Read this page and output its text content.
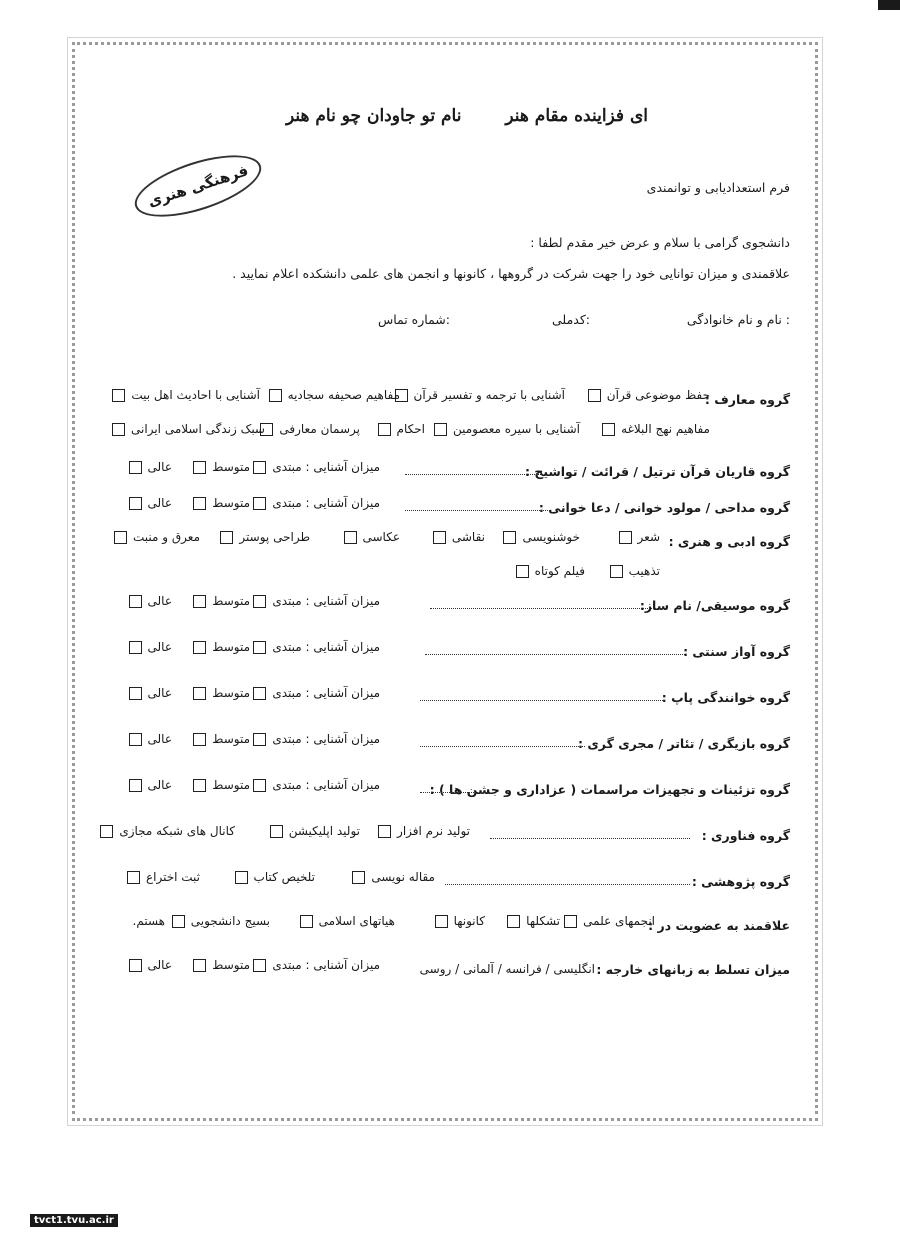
ای فزاینده مقام هنر
نام تو جاودان چو نام هنر
فرهنگی هنری	فرم استعدادیابی و توانمندی
دانشجوی گرامی با سلام و عرض خیر مقدم لطفا :
علاقمندی و میزان توانایی خود را جهت شرکت در گروهها ، کانونها و انجمن های علمی دانشکده اعلام نمایید .
نام و نام خانوادگی :
کدملی:
شماره تماس:
گروه معارف :
حفظ موضوعی قرآن
آشنایی با ترجمه و تفسیر قرآن
مفاهیم صحیفه سجادیه
آشنایی با احادیث اهل بیت
مفاهیم نهج البلاغه
آشنایی با سیره معصومین
احکام
پرسمان معارفی
سبک زندگی اسلامی ایرانی
گروه قاریان قرآن ترتیل / قرائت / تواشیح :
میزان آشنایی : مبتدی
متوسط
عالی
گروه مداحی / مولود خوانی / دعا خوانی :
میزان آشنایی : مبتدی
متوسط
عالی
گروه ادبی و هنری :
شعر
خوشنویسی
نقاشی
عکاسی
طراحی پوستر
معرق و منبت
تذهیب
فیلم کوتاه
گروه موسیقی/ نام ساز:
میزان آشنایی : مبتدی
متوسط
عالی
گروه آواز سنتی :
میزان آشنایی : مبتدی
متوسط
عالی
گروه خوانندگی پاپ :
میزان آشنایی : مبتدی
متوسط
عالی
گروه بازیگری / تئاتر / مجری گری :
میزان آشنایی : مبتدی
متوسط
عالی
گروه تزئینات و تجهیزات مراسمات ( عزاداری و جشن ها ) :
میزان آشنایی : مبتدی
متوسط
عالی
گروه فناوری :
تولید نرم افزار
تولید اپلیکیشن
کانال های شبکه مجازی
گروه پژوهشی :
مقاله نویسی
تلخیص کتاب
ثبت اختراع
علاقمند به عضویت در :
انجمهای علمی
تشکلها
کانونها
هیاتهای اسلامی
بسیج دانشجویی
هستم.
میزان تسلط به زبانهای خارجه :
انگلیسی / فرانسه / آلمانی / روسی
میزان آشنایی : مبتدی
متوسط
عالی
tvct1.tvu.ac.ir
